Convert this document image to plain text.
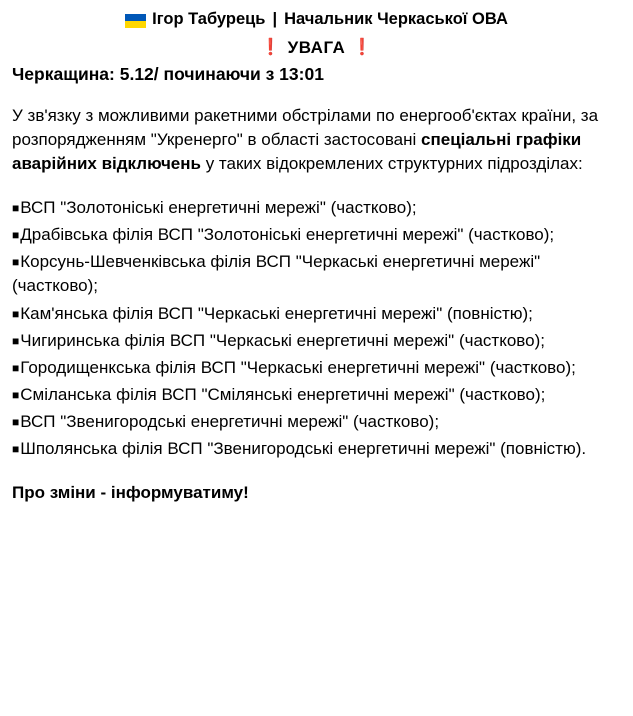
Ігор Табурець | Начальник Черкаської ОВА
❗ УВАГА ❗
Черкащина: 5.12/ починаючи з 13:01

У зв'язку з можливими ракетними обстрілами по енергооб'єктах країни, за розпорядженням "Укренерго" в області застосовані спеціальні графіки аварійних відключень у таких відокремлених структурних підрозділах:

■ВСП "Золотоніські енергетичні мережі" (частково);
■Драбівська філія ВСП "Золотоніські енергетичні мережі" (частково);
■Корсунь-Шевченківська філія ВСП "Черкаські енергетичні мережі" (частково);
■Кам'янська філія ВСП "Черкаські енергетичні мережі" (повністю);
■Чигиринська філія ВСП "Черкаські енергетичні мережі" (частково);
■Городищенкська філія ВСП "Черкаські енергетичні мережі" (частково);
■Сміланська філія ВСП "Смілянські енергетичні мережі" (частково);
■ВСП "Звенигородські енергетичні мережі" (частково);
■Шполянська філія ВСП "Звенигородські енергетичні мережі" (повністю).
Про зміни - інформуватиму!
